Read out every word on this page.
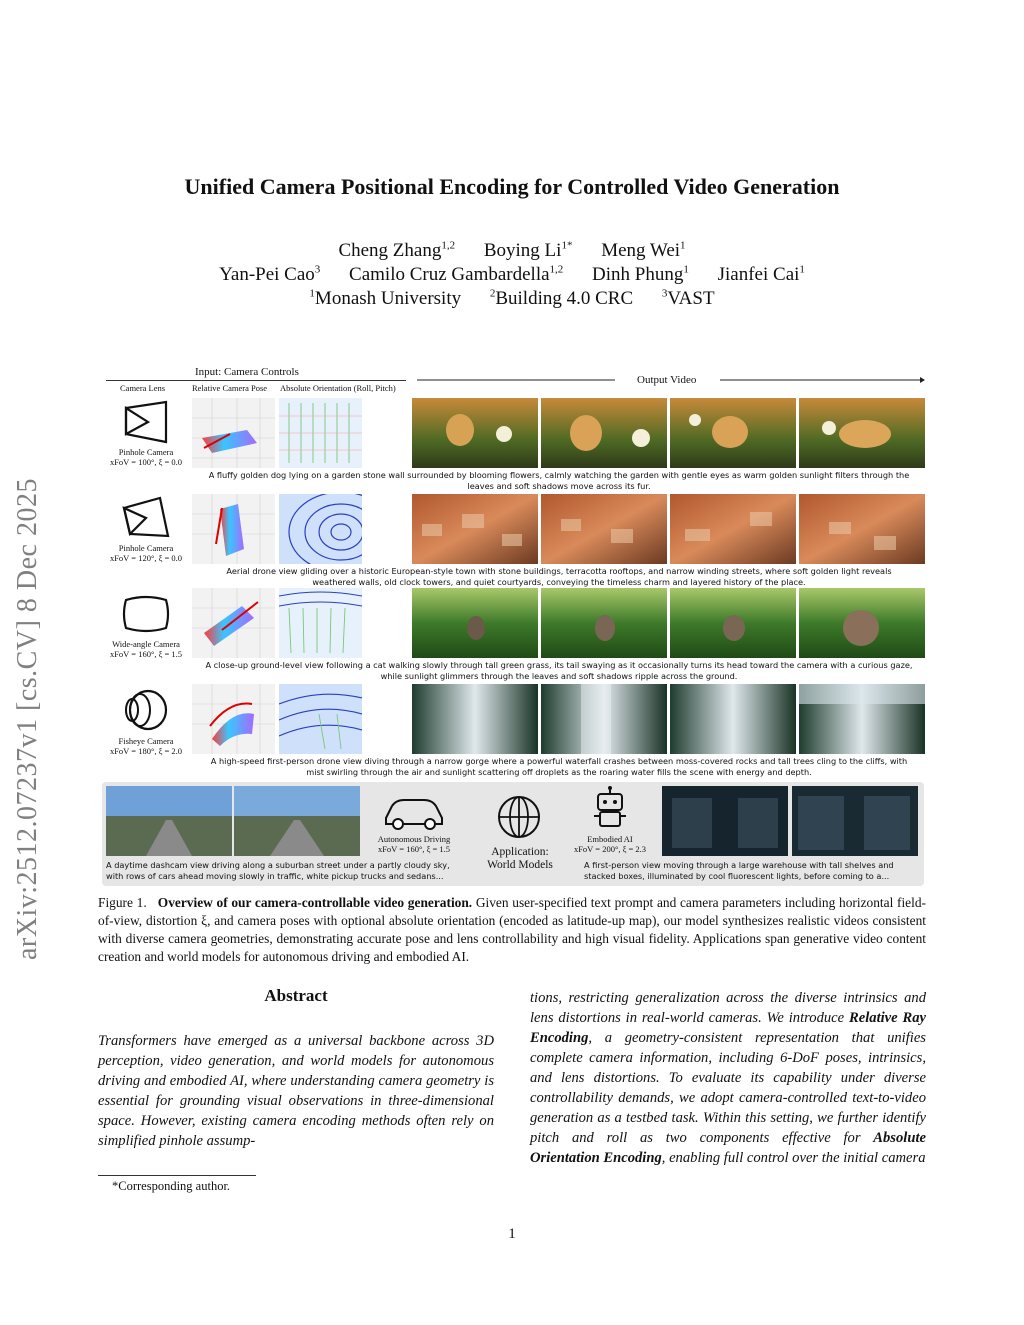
arXiv:2512.07237v1 [cs.CV] 8 Dec 2025
Unified Camera Positional Encoding for Controlled Video Generation
Cheng Zhang$^{1,2}$ Boying $Li^{1*}$ Meng Wei$^1$
Yan-Pei Cao$^3$ Camilo Cruz Gambardella$^{1,2}$ Dinh Phung$^1$ Jianfei Cai$^1$
$^1$Monash University	$^2$Building 4.0 CRC	$^3$VAST
Input: Camera Controls
Camera Lens	Relative Camera Pose Absolute Orientation (Roll, Pitch)
Output Video
Pinhole Camera
xFoV = 100°, ξ = 0.0
A fluffy golden dog lying on a garden stone wall surrounded by blooming flowers, calmly watching the garden with gentle eyes as warm golden sunlight filters through the
leaves and soft shadows move across its fur.
Pinhole Camera
xFoV = 120°, ξ = 0.0
Aerial drone view gliding over a historic European-style town with stone buildings, terracotta rooftops, and narrow winding streets, where soft golden light reveals
weathered walls, old clock towers, and quiet courtyards, conveying the timeless charm and layered history of the place.
Wide-angle Camera
xFoV = 160°, ξ = 1.5
A close-up ground-level view following a cat walking slowly through tall green grass, its tail swaying as it occasionally turns its head toward the camera with a curious gaze,
while sunlight glimmers through the leaves and soft shadows ripple across the ground.
Fisheye Camera
xFoV = 180°, ξ = 2.0
A high-speed first-person drone view diving through a narrow gorge where a powerful waterfall crashes between moss-covered rocks and tall trees cling to the cliffs, with
mist swirling through the air and sunlight scattering off droplets as the roaring water fills the scene with energy and depth.
Autonomous Driving
xFoV = 160°, ξ = 1.5	Application:
World Models
Embodied AI
xFoV = 200°, ξ = 2.3
A daytime dashcam view driving along a suburban street under a partly cloudy sky,
with rows of cars ahead moving slowly in traffic, white pickup trucks and sedans...
A first-person view moving through a large warehouse with tall shelves and
stacked boxes, illuminated by cool fluorescent lights, before coming to a...
Figure 1. Overview of our camera-controllable video generation. Given user-specified text prompt and camera parameters including horizontal field-of-view, distortion ξ, and camera poses with optional absolute orientation (encoded as latitude-up map), our model synthesizes realistic videos consistent with diverse camera geometries, demonstrating accurate pose and lens controllability and high visual fidelity. Applications span generative video content creation and world models for autonomous driving and embodied AI.
Abstract
Transformers have emerged as a universal backbone across 3D perception, video generation, and world models for autonomous driving and embodied AI, where understanding camera geometry is essential for grounding visual observations in three-dimensional space. However, existing camera encoding methods often rely on simplified pinhole assump-
tions, restricting generalization across the diverse intrinsics and lens distortions in real-world cameras. We introduce Relative Ray Encoding, a geometry-consistent representation that unifies complete camera information, including 6-DoF poses, intrinsics, and lens distortions. To evaluate its capability under diverse controllability demands, we adopt camera-controlled text-to-video generation as a testbed task. Within this setting, we further identify pitch and roll as two components effective for Absolute Orientation Encoding, enabling full control over the initial camera
*Corresponding author.
1
